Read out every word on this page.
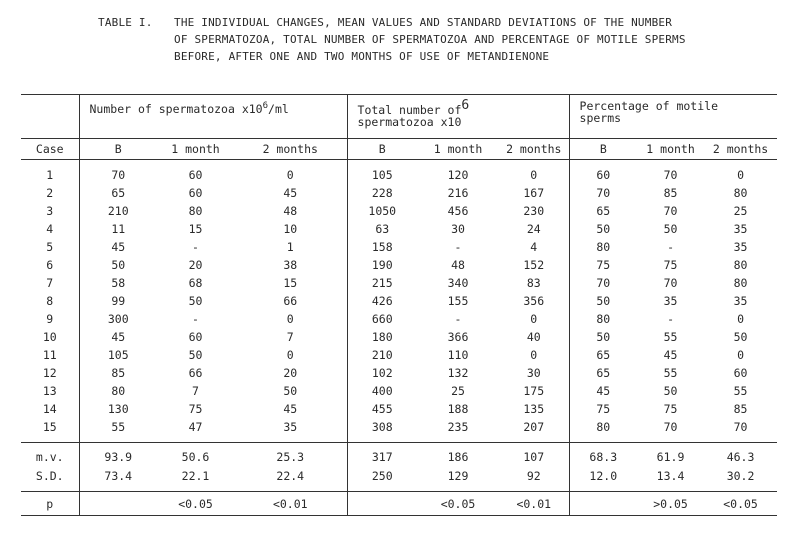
TABLE I. THE INDIVIDUAL CHANGES, MEAN VALUES AND STANDARD DEVIATIONS OF THE NUMBER
OF SPERMATOZOA, TOTAL NUMBER OF SPERMATOZOA AND PERCENTAGE OF MOTILE SPERMS
BEFORE, AFTER ONE AND TWO MONTHS OF USE OF METANDIENONE
	Number of spermatozoa $x10^6/ml$			Total number $of^6$
spermatozoa x10			Percentage of motile
sperms		
Case	B	1 month	2 months	B	1 month	2 months	B	1 month	2 months
1	70	60	0	105	120	0	60	70	0
2	65	60	45	228	216	167	70	85	80
3	210	80	48	1050	456	230	65	70	25
4	11	15	10	63	30	24	50	50	35
5	45	-	1	158	-	4	80	-	35
6	50	20	38	190	48	152	75	75	80
7	58	68	15	215	340	83	70	70	80
8	99	50	66	426	155	356	50	35	35
9	300	-	0	660	-	0	80	-	0
10	45	60	7	180	366	40	50	55	50
11	105	50	0	210	110	0	65	45	0
12	85	66	20	102	132	30	65	55	60
13	80	7	50	400	25	175	45	50	55
14	130	75	45	455	188	135	75	75	85
15	55	47	35	308	235	207	80	70	70
m.v.	93.9	50.6	25.3	317	186	107	68.3	61.9	46.3
S.D.	73.4	22.1	22.4	250	129	92	12.0	13.4	30.2
p		<0.05	<0.01		<0.05	<0.01		>0.05	<0.05
